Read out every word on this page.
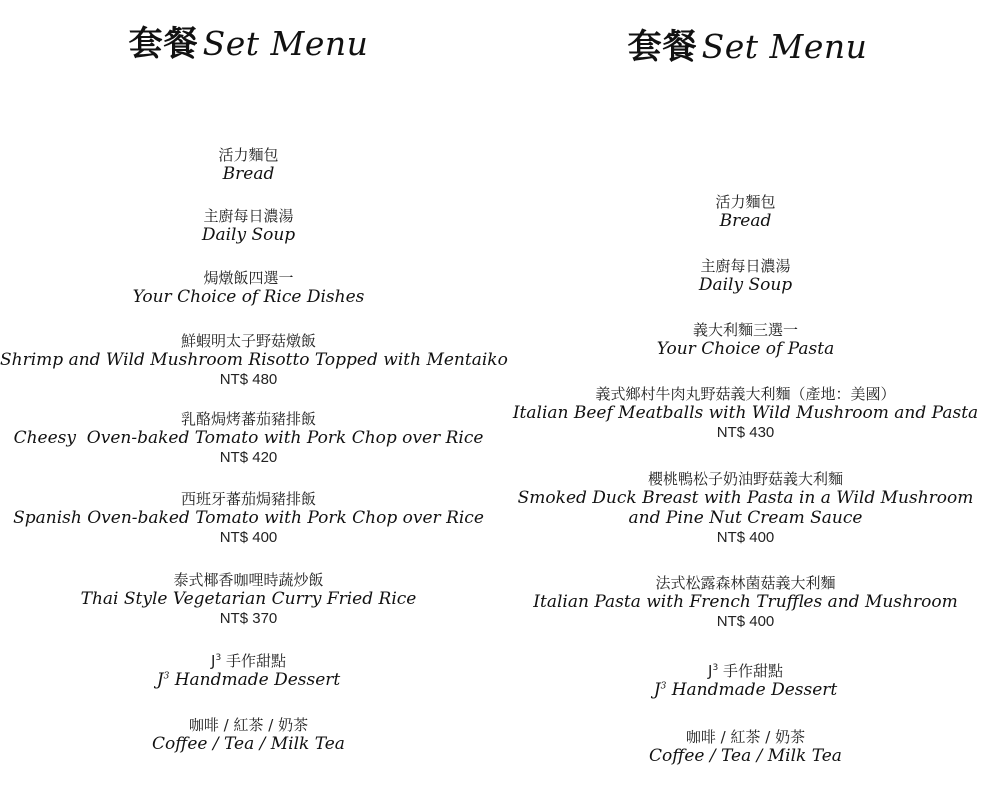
套餐 Set Menu
活力麵包
Bread
主廚每日濃湯
Daily Soup
焗燉飯四選一
Your Choice of Rice Dishes
鮮蝦明太子野菇燉飯
Shrimp and Wild Mushroom Risotto Topped with Mentaiko
NT$ 480
乳酪焗烤蕃茄豬排飯
Cheesy  Oven-baked Tomato with Pork Chop over Rice
NT$ 420
西班牙蕃茄焗豬排飯
Spanish Oven-baked Tomato with Pork Chop over Rice
NT$ 400
泰式椰香咖哩時蔬炒飯
Thai Style Vegetarian Curry Fried Rice
NT$ 370
$J^3$ 手作甜點
$J^3$ Handmade Dessert
咖啡 / 紅茶 / 奶茶
Coffee / Tea / Milk Tea
套餐 Set Menu
活力麵包
Bread
主廚每日濃湯
Daily Soup
義大利麵三選一
Your Choice of Pasta
義式鄉村牛肉丸野菇義大利麵（產地：美國）
Italian Beef Meatballs with Wild Mushroom and Pasta
NT$ 430
櫻桃鴨松子奶油野菇義大利麵
Smoked Duck Breast with Pasta in a Wild Mushroom
and Pine Nut Cream Sauce
NT$ 400
法式松露森林菌菇義大利麵
Italian Pasta with French Truffles and Mushroom
NT$ 400
$J^3$ 手作甜點
$J^3$ Handmade Dessert
咖啡 / 紅茶 / 奶茶
Coffee / Tea / Milk Tea
